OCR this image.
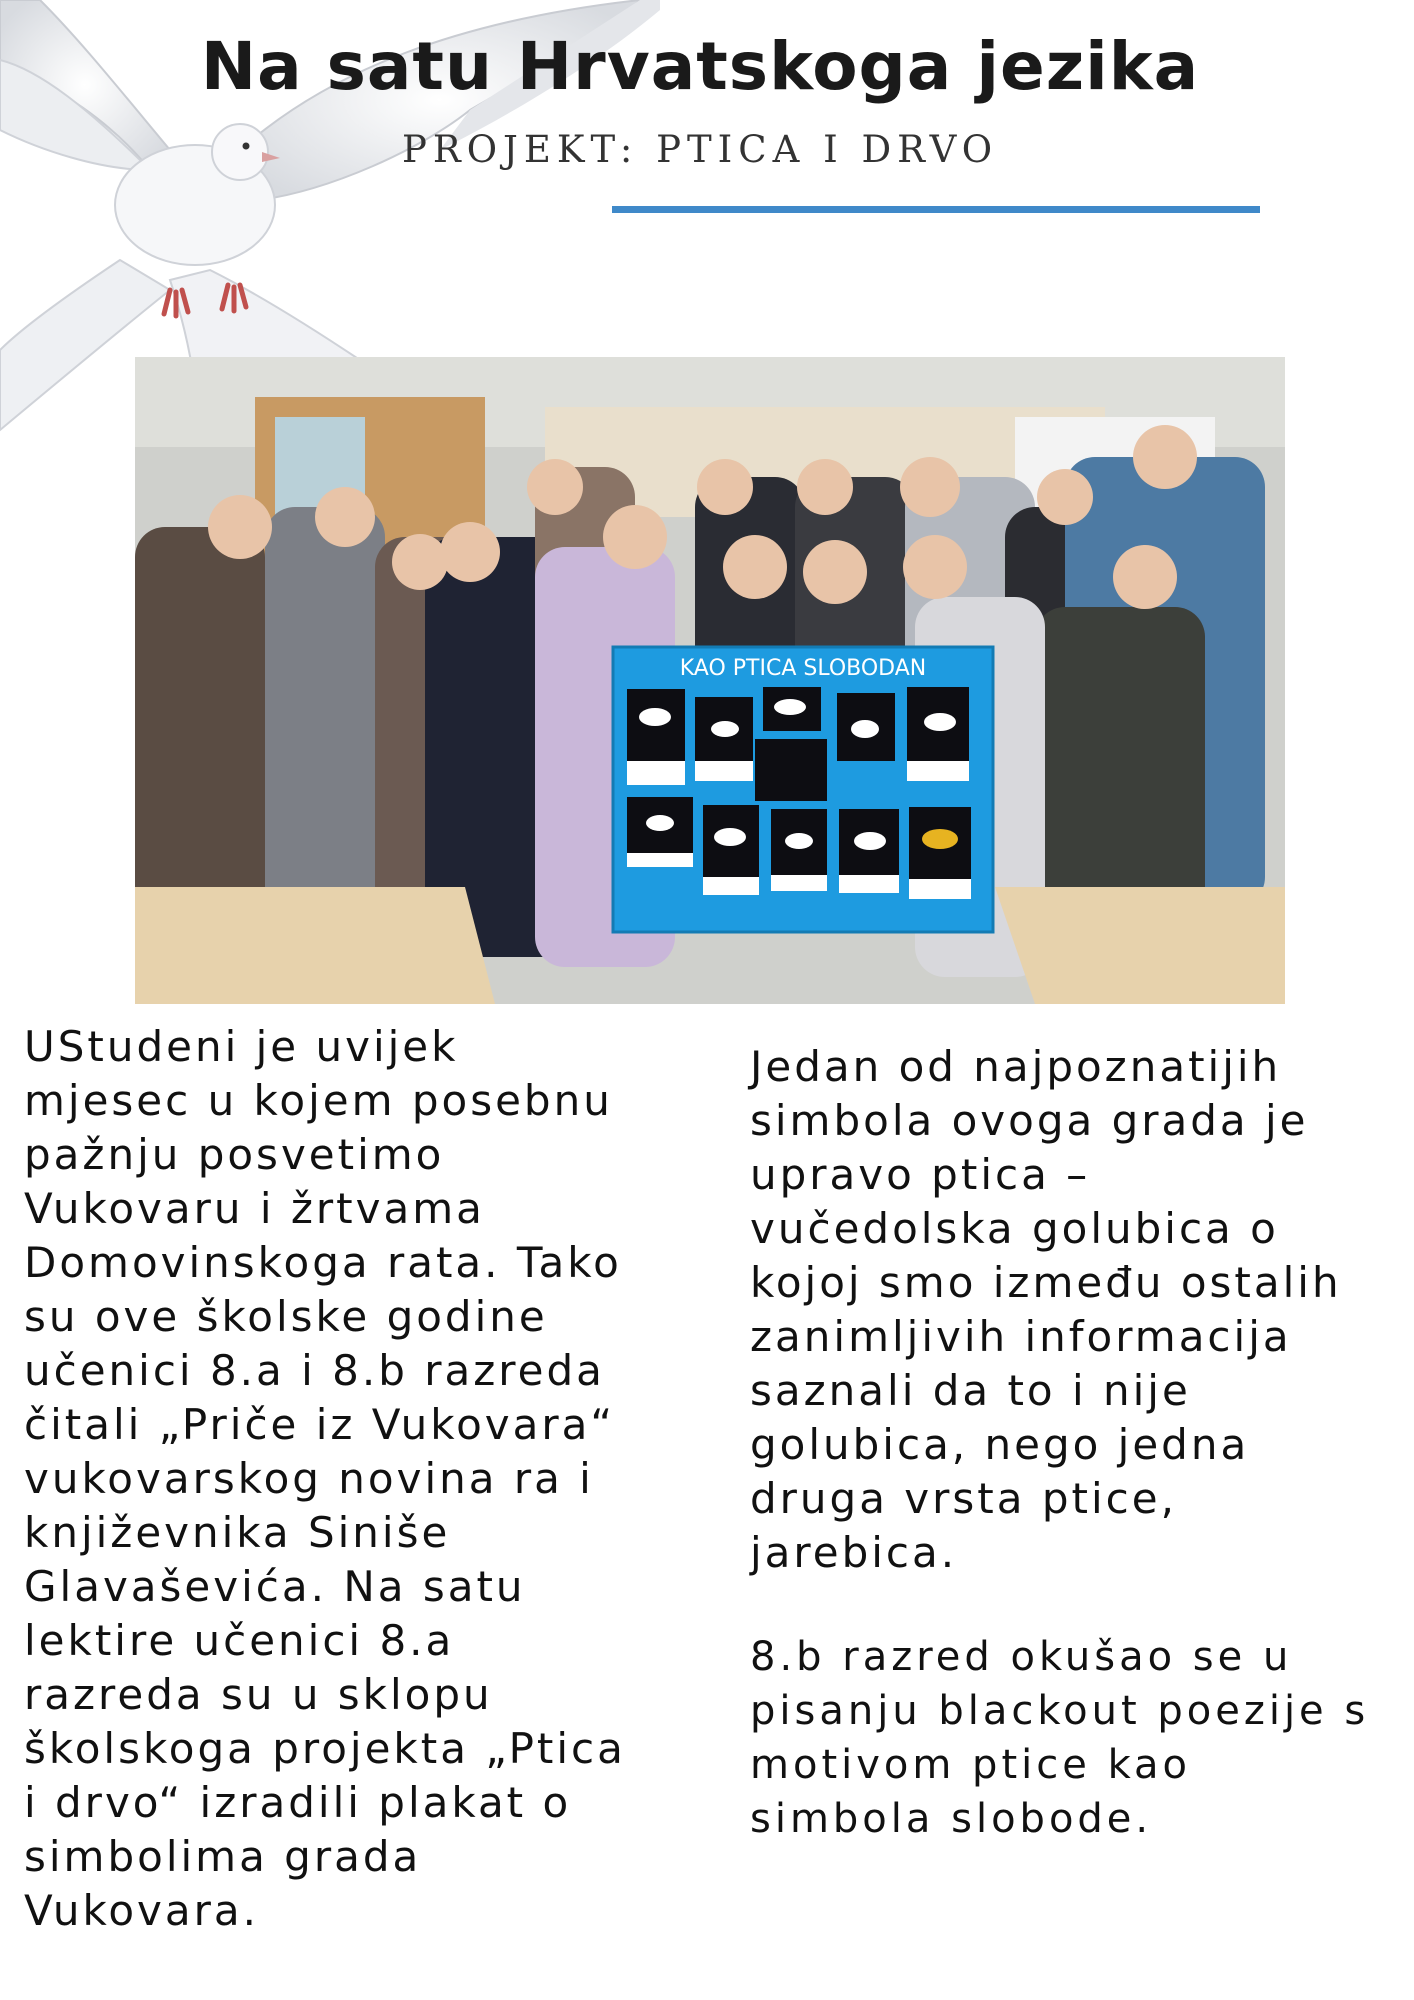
Na satu Hrvatskoga jezika
PROJEKT: PTICA I DRVO
KAO PTICA SLOBODAN
UStudeni je uvijek
mjesec u kojem posebnu
pažnju posvetimo
Vukovaru i žrtvama
Domovinskoga rata. Tako
su ove školske godine
učenici 8.a i 8.b razreda
čitali „Priče iz Vukovara“
vukovarskog novina ra i
književnika Siniše
Glavaševića. Na satu
lektire učenici 8.a
razreda su u sklopu
školskoga projekta „Ptica
i drvo“ izradili plakat o
simbolima grada
Vukovara.
Jedan od najpoznatijih
simbola ovoga grada je
upravo ptica –
vučedolska golubica o
kojoj smo između ostalih
zanimljivih informacija
saznali da to i nije
golubica, nego jedna
druga vrsta ptice,
jarebica.
8.b razred okušao se u
pisanju blackout poezije s
motivom ptice kao
simbola slobode.
